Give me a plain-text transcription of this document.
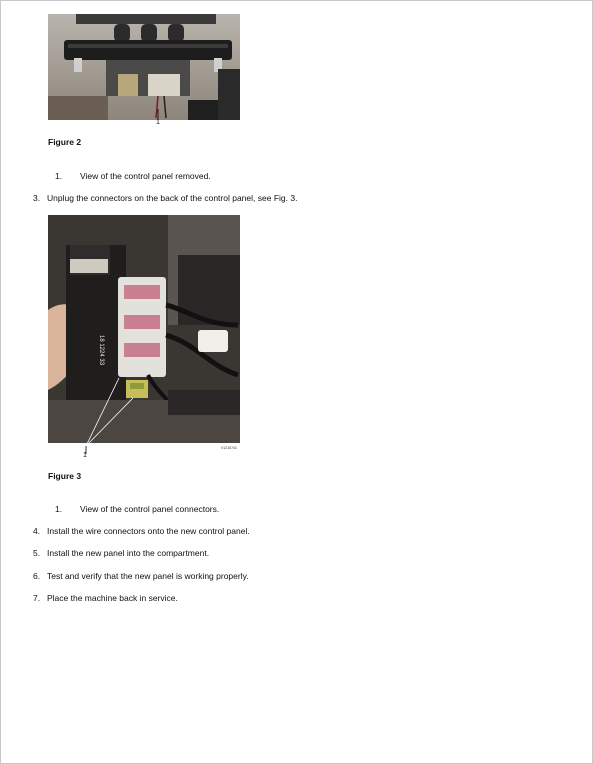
1
V1216740
Figure 2
1. View of the control panel removed.
3. Unplug the connectors on the back of the control panel, see Fig. 3.
18 1224 33
1
V1216741
Figure 3
1. View of the control panel connectors.
4. Install the wire connectors onto the new control panel.
5. Install the new panel into the compartment.
6. Test and verify that the new panel is working properly.
7. Place the machine back in service.
